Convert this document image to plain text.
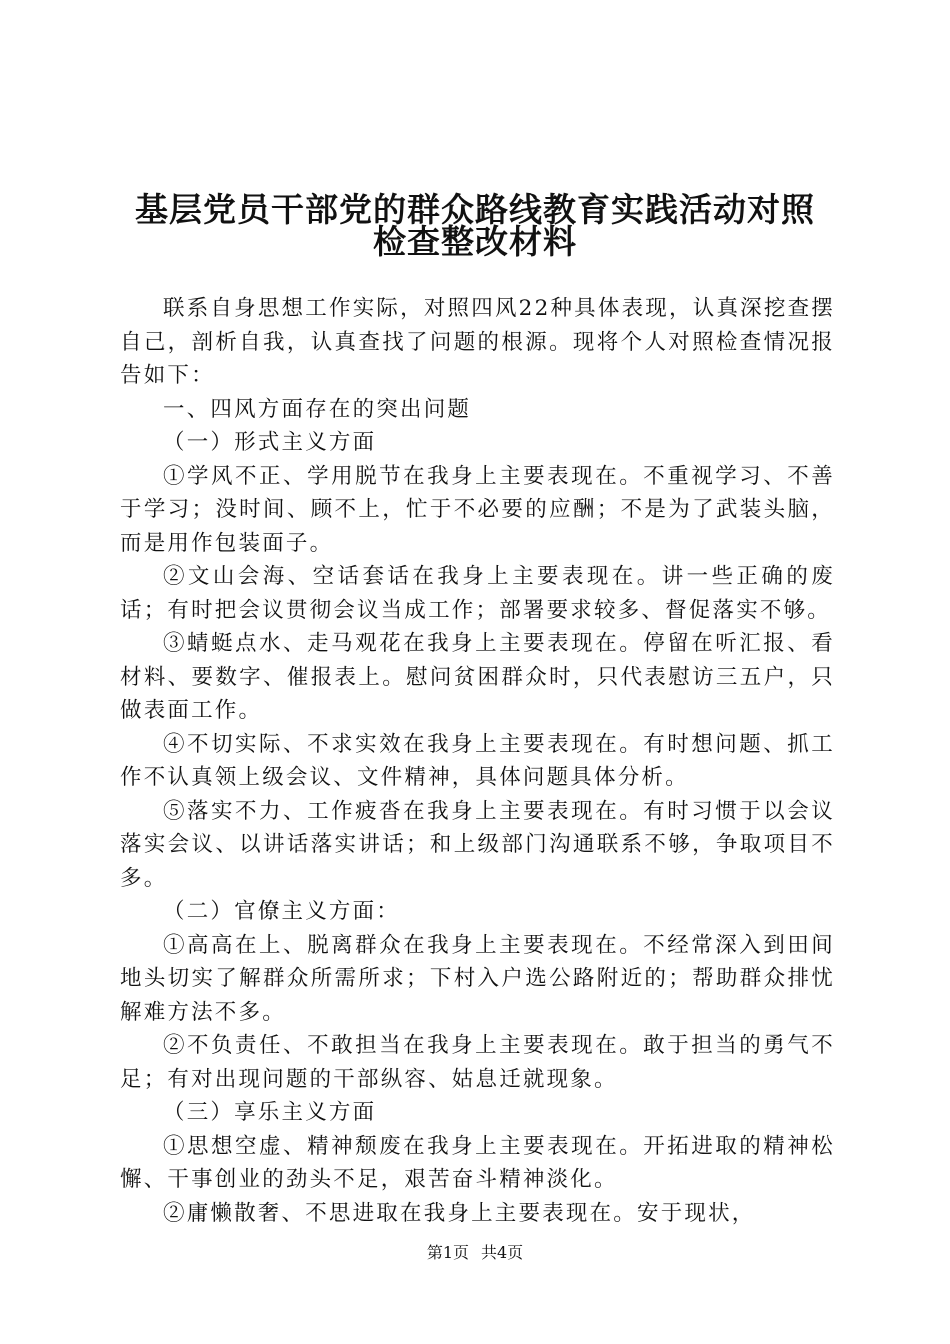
基层党员干部党的群众路线教育实践活动对照
检查整改材料

联系自身思想工作实际，对照四风22种具体表现，认真深挖查摆自己，剖析自我，认真查找了问题的根源。现将个人对照检查情况报告如下：

一、四风方面存在的突出问题

（一）形式主义方面

①学风不正、学用脱节在我身上主要表现在。不重视学习、不善于学习；没时间、顾不上，忙于不必要的应酬；不是为了武装头脑，而是用作包装面子。

②文山会海、空话套话在我身上主要表现在。讲一些正确的废话；有时把会议贯彻会议当成工作；部署要求较多、督促落实不够。

③蜻蜓点水、走马观花在我身上主要表现在。停留在听汇报、看材料、要数字、催报表上。慰问贫困群众时，只代表慰访三五户，只做表面工作。

④不切实际、不求实效在我身上主要表现在。有时想问题、抓工作不认真领上级会议、文件精神，具体问题具体分析。

⑤落实不力、工作疲沓在我身上主要表现在。有时习惯于以会议落实会议、以讲话落实讲话；和上级部门沟通联系不够，争取项目不多。

（二）官僚主义方面：

①高高在上、脱离群众在我身上主要表现在。不经常深入到田间地头切实了解群众所需所求；下村入户选公路附近的；帮助群众排忧解难方法不多。

②不负责任、不敢担当在我身上主要表现在。敢于担当的勇气不足；有对出现问题的干部纵容、姑息迁就现象。

（三）享乐主义方面

①思想空虚、精神颓废在我身上主要表现在。开拓进取的精神松懈、干事创业的劲头不足，艰苦奋斗精神淡化。

②庸懒散奢、不思进取在我身上主要表现在。安于现状，

第1页 共4页
